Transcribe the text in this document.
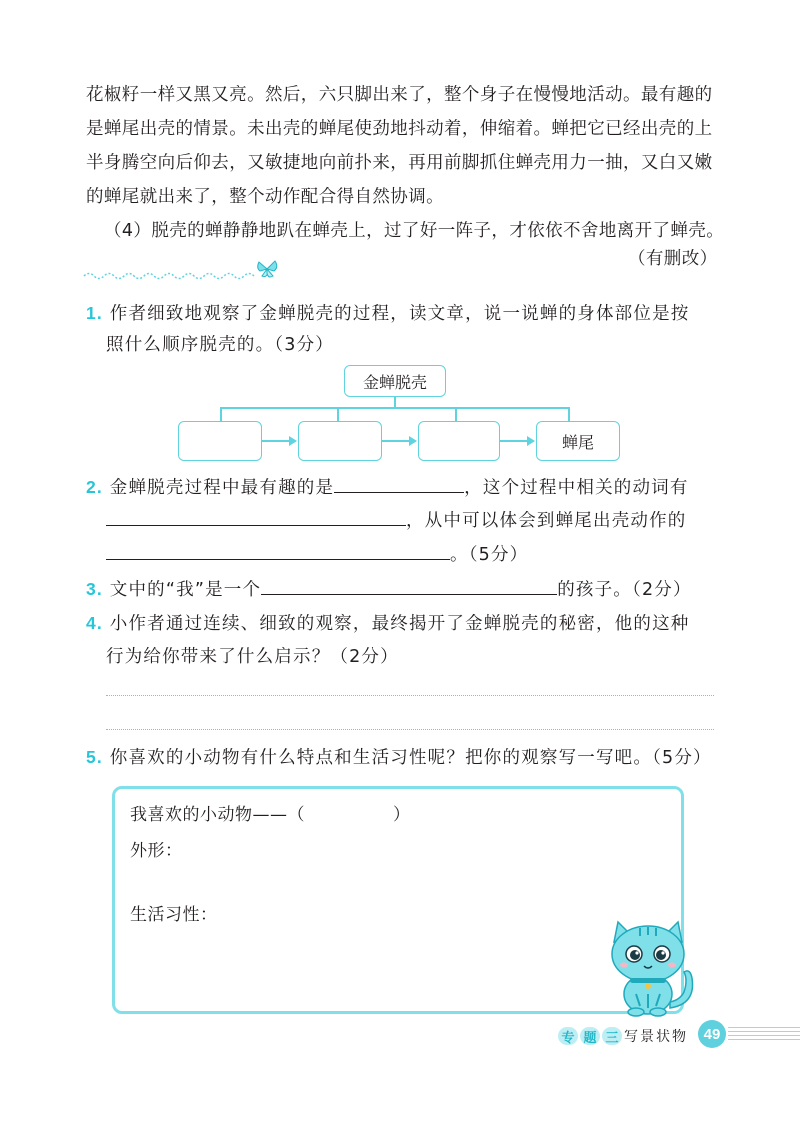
花椒籽一样又黑又亮。然后，六只脚出来了，整个身子在慢慢地活动。最有趣的
是蝉尾出壳的情景。未出壳的蝉尾使劲地抖动着，伸缩着。蝉把它已经出壳的上
半身腾空向后仰去，又敏捷地向前扑来，再用前脚抓住蝉壳用力一抽，又白又嫩
的蝉尾就出来了，整个动作配合得自然协调。
（4）脱壳的蝉静静地趴在蝉壳上，过了好一阵子，才依依不舍地离开了蝉壳。
（有删改）
1. 作者细致地观察了金蝉脱壳的过程，读文章，说一说蝉的身体部位是按
照什么顺序脱壳的。（3分）
金蝉脱壳
蝉尾
2. 金蝉脱壳过程中最有趣的是	，这个过程中相关的动词有
，从中可以体会到蝉尾出壳动作的
。（5分）
3. 文中的“我”是一个	的孩子。（2分）
4. 小作者通过连续、细致的观察，最终揭开了金蝉脱壳的秘密，他的这种
行为给你带来了什么启示？（2分）
5. 你喜欢的小动物有什么特点和生活习性呢？把你的观察写一写吧。（5分）
我喜欢的小动物——（	）
外形：
生活习性：
专 题 三 写景状物 49
